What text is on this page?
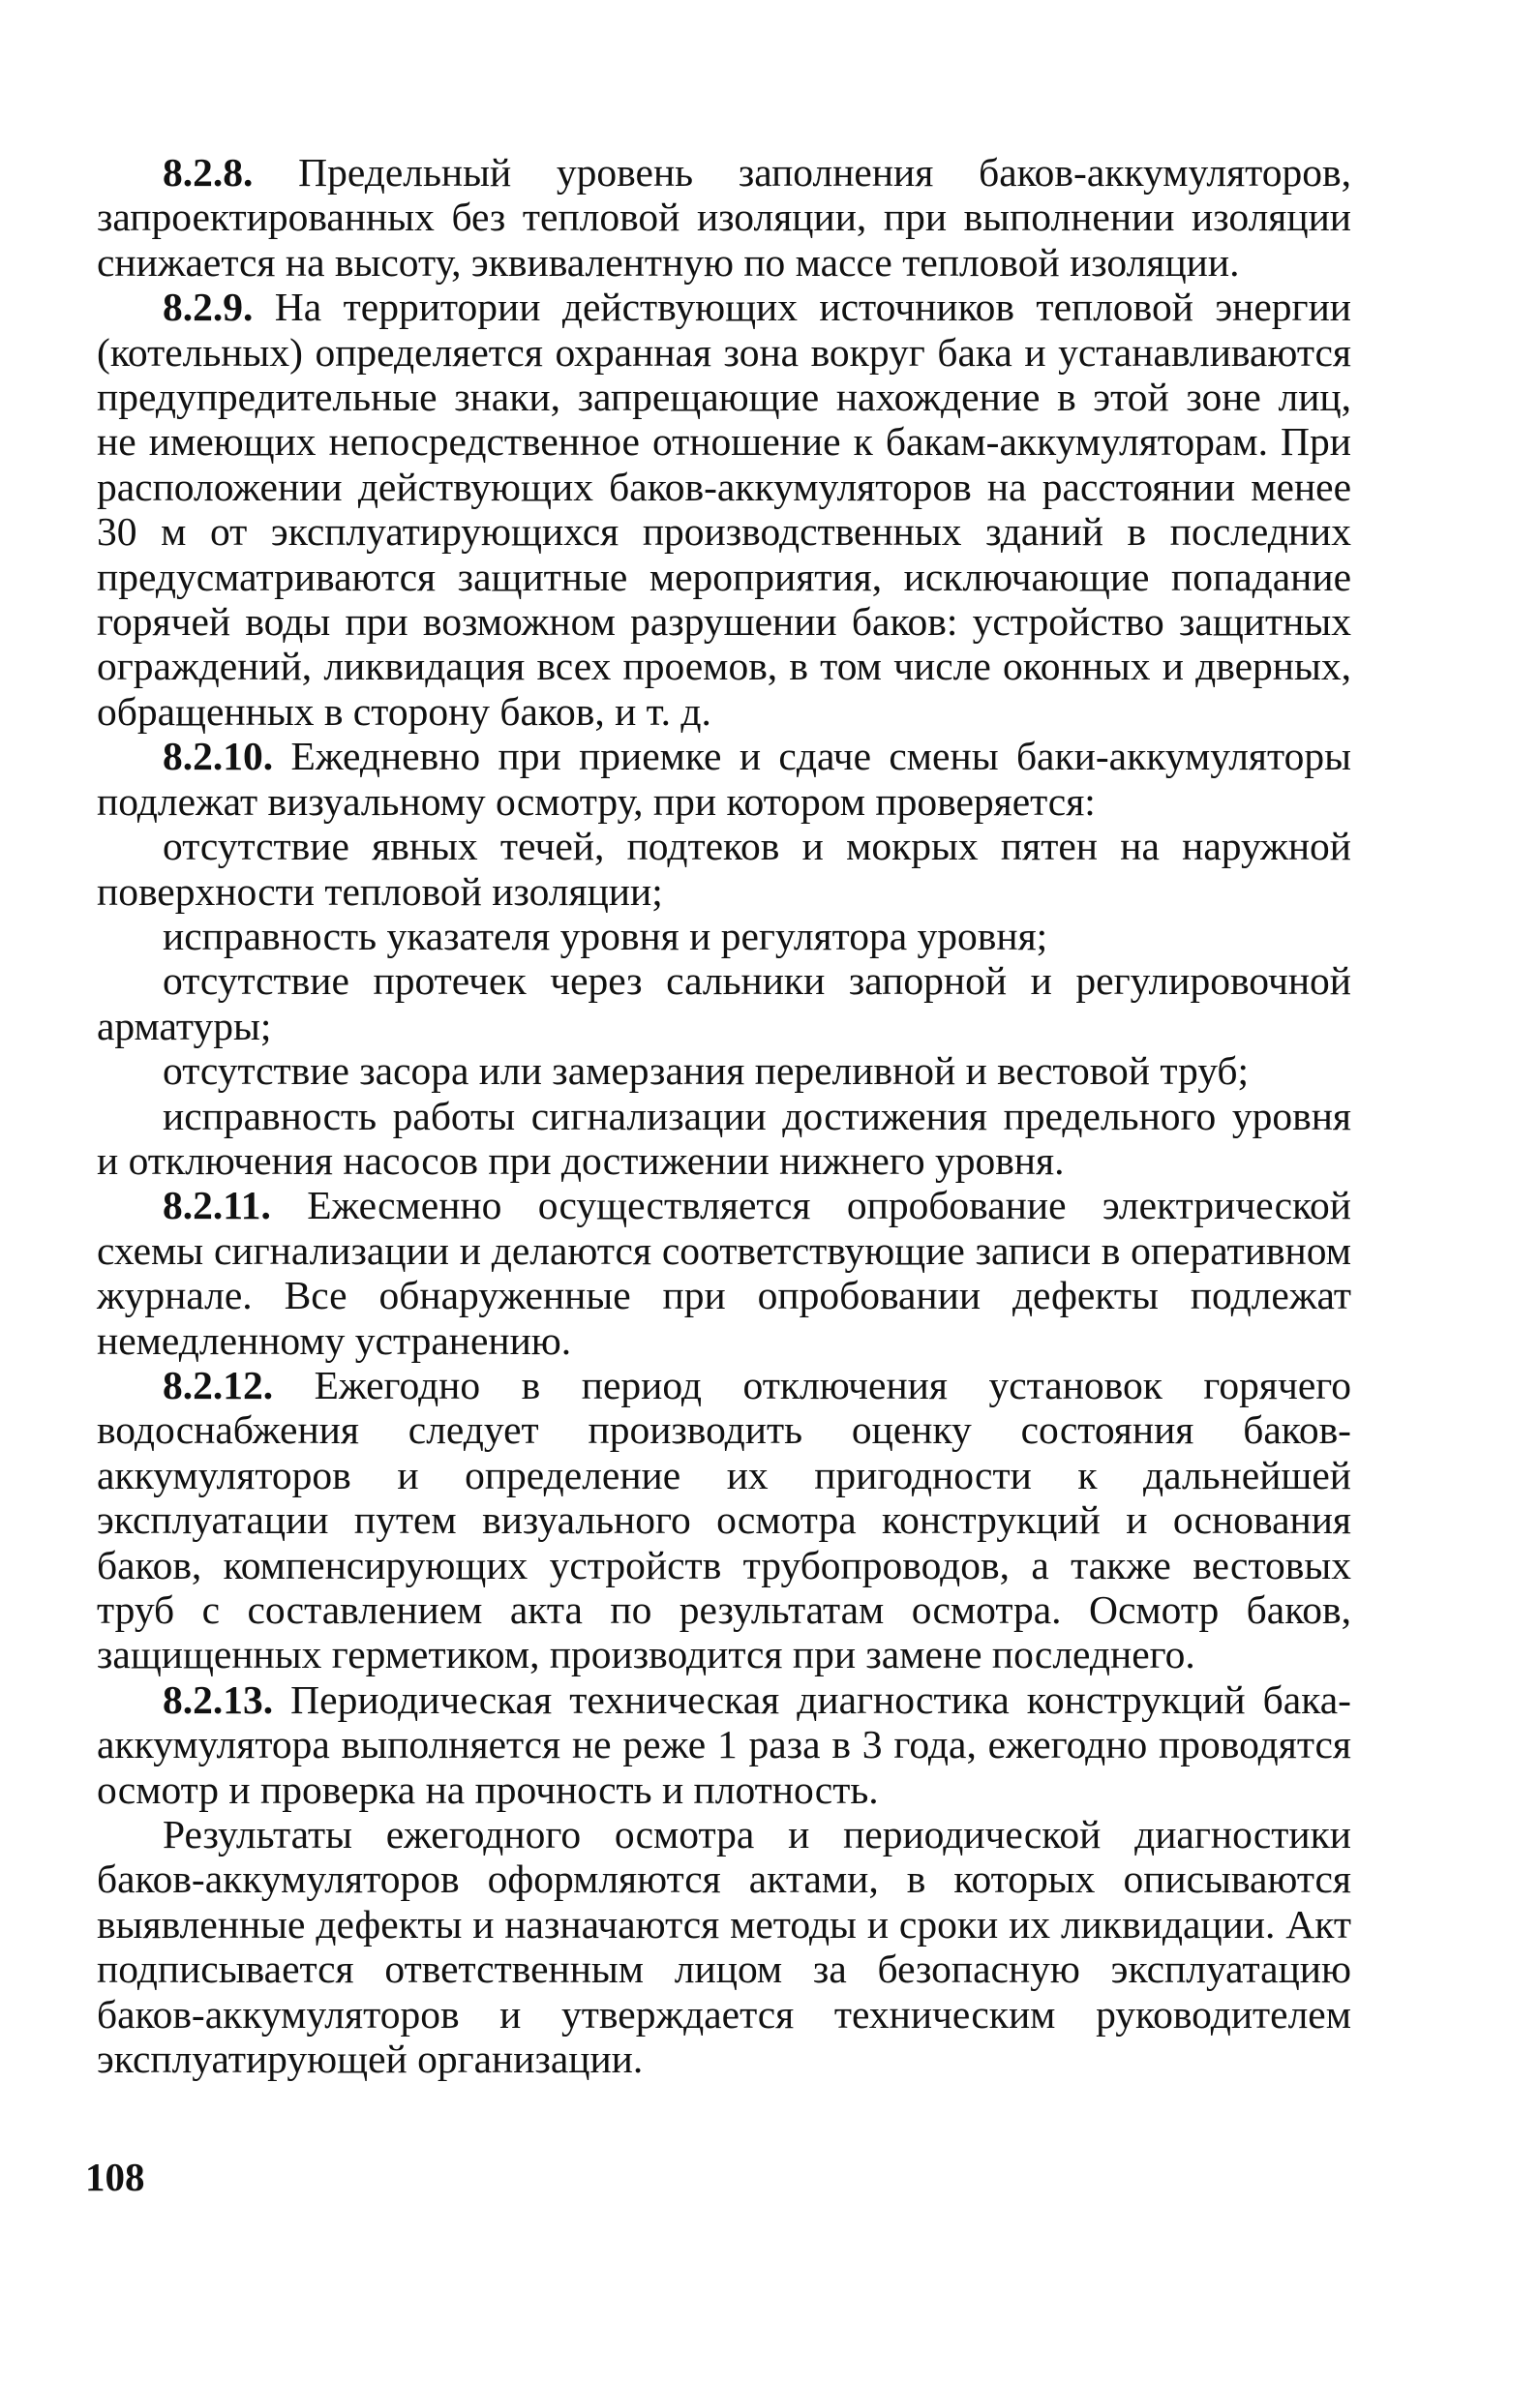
8.2.8. Предельный уровень заполнения баков-аккумуляторов, запроектированных без тепловой изоляции, при выполнении изоляции снижается на высоту, эквивалентную по массе тепловой изоляции.

8.2.9. На территории действующих источников тепловой энергии (котельных) определяется охранная зона вокруг бака и устанавливаются предупредительные знаки, запрещающие нахождение в этой зоне лиц, не имеющих непосредственное отношение к бакам-аккумуляторам. При расположении действующих баков-аккумуляторов на расстоянии менее 30 м от эксплуатирующихся производственных зданий в последних предусматриваются защитные мероприятия, исключающие попадание горячей воды при возможном разрушении баков: устройство защитных ограждений, ликвидация всех проемов, в том числе оконных и дверных, обращенных в сторону баков, и т. д.

8.2.10. Ежедневно при приемке и сдаче смены баки-аккумуляторы подлежат визуальному осмотру, при котором проверяется:

отсутствие явных течей, подтеков и мокрых пятен на наружной поверхности тепловой изоляции;

исправность указателя уровня и регулятора уровня;

отсутствие протечек через сальники запорной и регулировочной арматуры;

отсутствие засора или замерзания переливной и вестовой труб;

исправность работы сигнализации достижения предельного уровня и отключения насосов при достижении нижнего уровня.

8.2.11. Ежесменно осуществляется опробование электрической схемы сигнализации и делаются соответствующие записи в оперативном журнале. Все обнаруженные при опробовании дефекты подлежат немедленному устранению.

8.2.12. Ежегодно в период отключения установок горячего водоснабжения следует производить оценку состояния баков-аккумуляторов и определение их пригодности к дальнейшей эксплуатации путем визуального осмотра конструкций и основания баков, компенсирующих устройств трубопроводов, а также вестовых труб с составлением акта по результатам осмотра. Осмотр баков, защищенных герметиком, производится при замене последнего.

8.2.13. Периодическая техническая диагностика конструкций бака-аккумулятора выполняется не реже 1 раза в 3 года, ежегодно проводятся осмотр и проверка на прочность и плотность.

Результаты ежегодного осмотра и периодической диагностики баков-аккумуляторов оформляются актами, в которых описываются выявленные дефекты и назначаются методы и сроки их ликвидации. Акт подписывается ответственным лицом за безопасную эксплуатацию баков-аккумуляторов и утверждается техническим руководителем эксплуатирующей организации.

108
